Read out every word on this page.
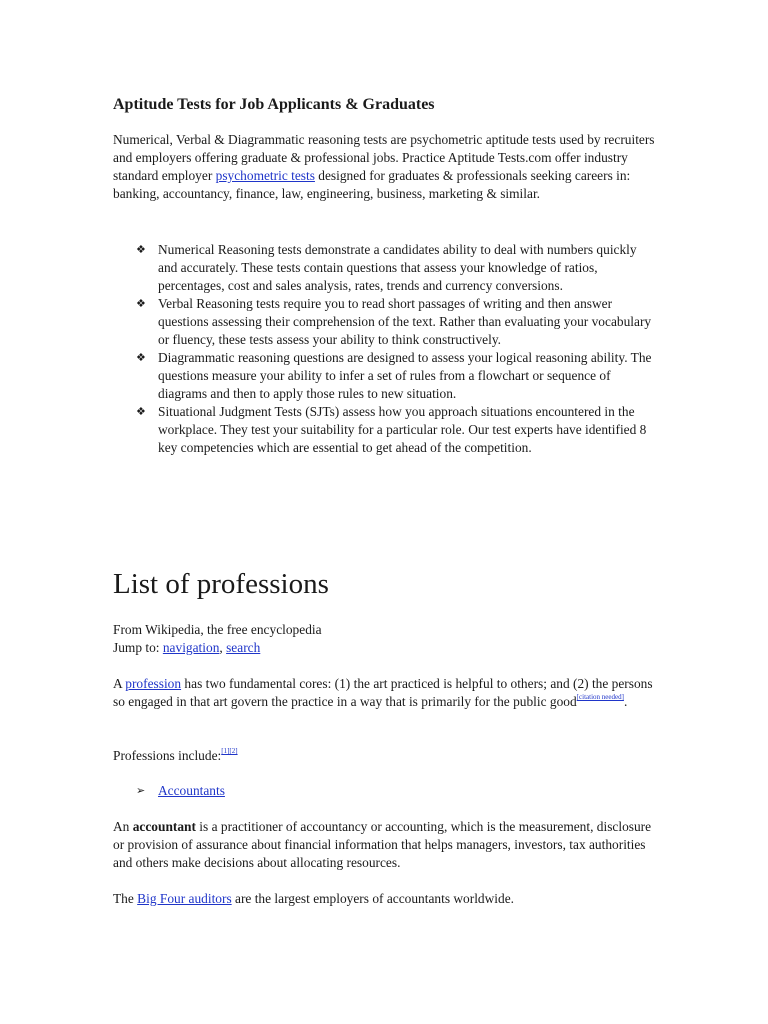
Aptitude Tests for Job Applicants & Graduates

Numerical, Verbal & Diagrammatic reasoning tests are psychometric aptitude tests used by recruiters and employers offering graduate & professional jobs. Practice Aptitude Tests.com offer industry standard employer psychometric tests designed for graduates & professionals seeking careers in: banking, accountancy, finance, law, engineering, business, marketing & similar.

❖ Numerical Reasoning tests demonstrate a candidates ability to deal with numbers quickly and accurately. These tests contain questions that assess your knowledge of ratios, percentages, cost and sales analysis, rates, trends and currency conversions.
❖ Verbal Reasoning tests require you to read short passages of writing and then answer questions assessing their comprehension of the text. Rather than evaluating your vocabulary or fluency, these tests assess your ability to think constructively.
❖ Diagrammatic reasoning questions are designed to assess your logical reasoning ability. The questions measure your ability to infer a set of rules from a flowchart or sequence of diagrams and then to apply those rules to new situation.
❖ Situational Judgment Tests (SJTs) assess how you approach situations encountered in the workplace. They test your suitability for a particular role. Our test experts have identified 8 key competencies which are essential to get ahead of the competition.
List of professions

From Wikipedia, the free encyclopedia

Jump to: navigation, search

A profession has two fundamental cores: (1) the art practiced is helpful to others; and (2) the persons so engaged in that art govern the practice in a way that is primarily for the public good[citation needed].

Professions include:[1][2]

➢ Accountants

An accountant is a practitioner of accountancy or accounting, which is the measurement, disclosure or provision of assurance about financial information that helps managers, investors, tax authorities and others make decisions about allocating resources.

The Big Four auditors are the largest employers of accountants worldwide.
